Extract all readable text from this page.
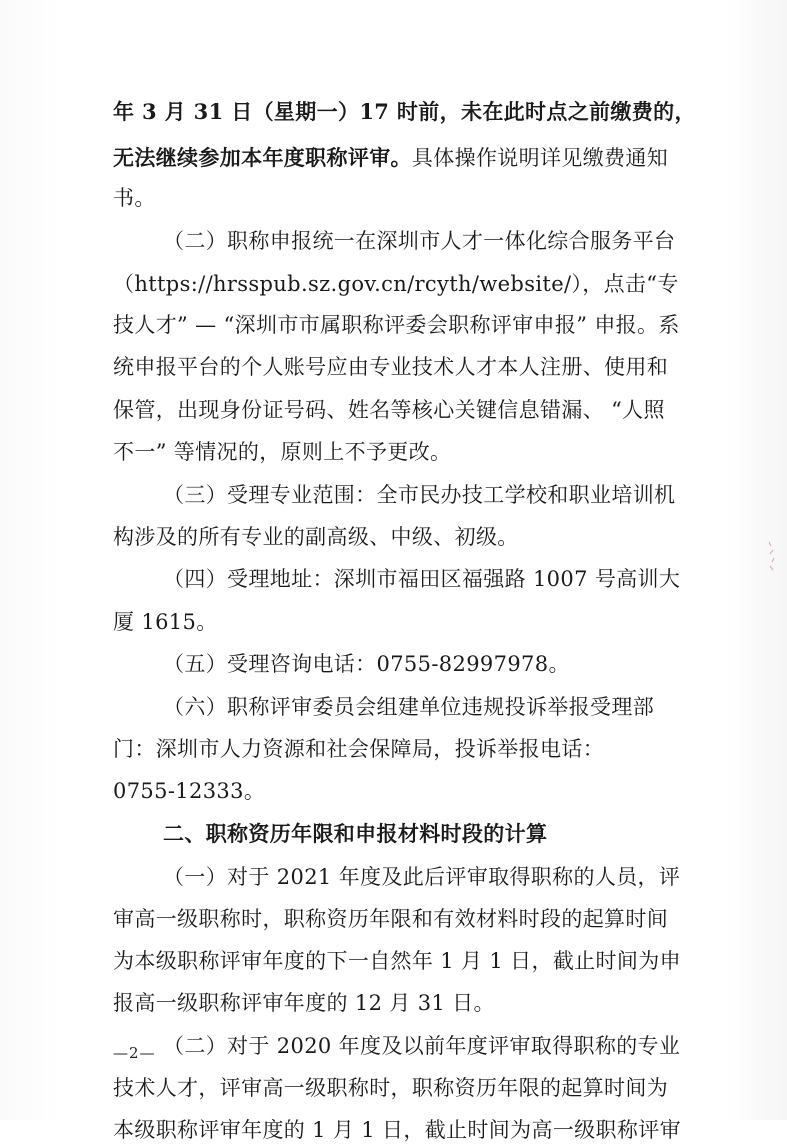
年 3 月 31 日（星期一）17 时前，未在此时点之前缴费的，
无法继续参加本年度职称评审。具体操作说明详见缴费通知
书。
（二）职称申报统一在深圳市人才一体化综合服务平台
（https://hrsspub.sz.gov.cn/rcyth/website/），点击“专
技人才” — “深圳市市属职称评委会职称评审申报” 申报。系
统申报平台的个人账号应由专业技术人才本人注册、使用和
保管，出现身份证号码、姓名等核心关键信息错漏、 “人照
不一” 等情况的，原则上不予更改。
（三）受理专业范围：全市民办技工学校和职业培训机
构涉及的所有专业的副高级、中级、初级。
（四）受理地址：深圳市福田区福强路 1007 号高训大
厦 1615。
（五）受理咨询电话：0755-82997978。
（六）职称评审委员会组建单位违规投诉举报受理部
门：深圳市人力资源和社会保障局，投诉举报电话：
0755-12333。
二、职称资历年限和申报材料时段的计算
（一）对于 2021 年度及此后评审取得职称的人员，评
审高一级职称时，职称资历年限和有效材料时段的起算时间
为本级职称评审年度的下一自然年 1 月 1 日，截止时间为申
报高一级职称评审年度的 12 月 31 日。
（二）对于 2020 年度及以前年度评审取得职称的专业
技术人才，评审高一级职称时，职称资历年限的起算时间为
本级职称评审年度的 1 月 1 日，截止时间为高一级职称评审
—2—
